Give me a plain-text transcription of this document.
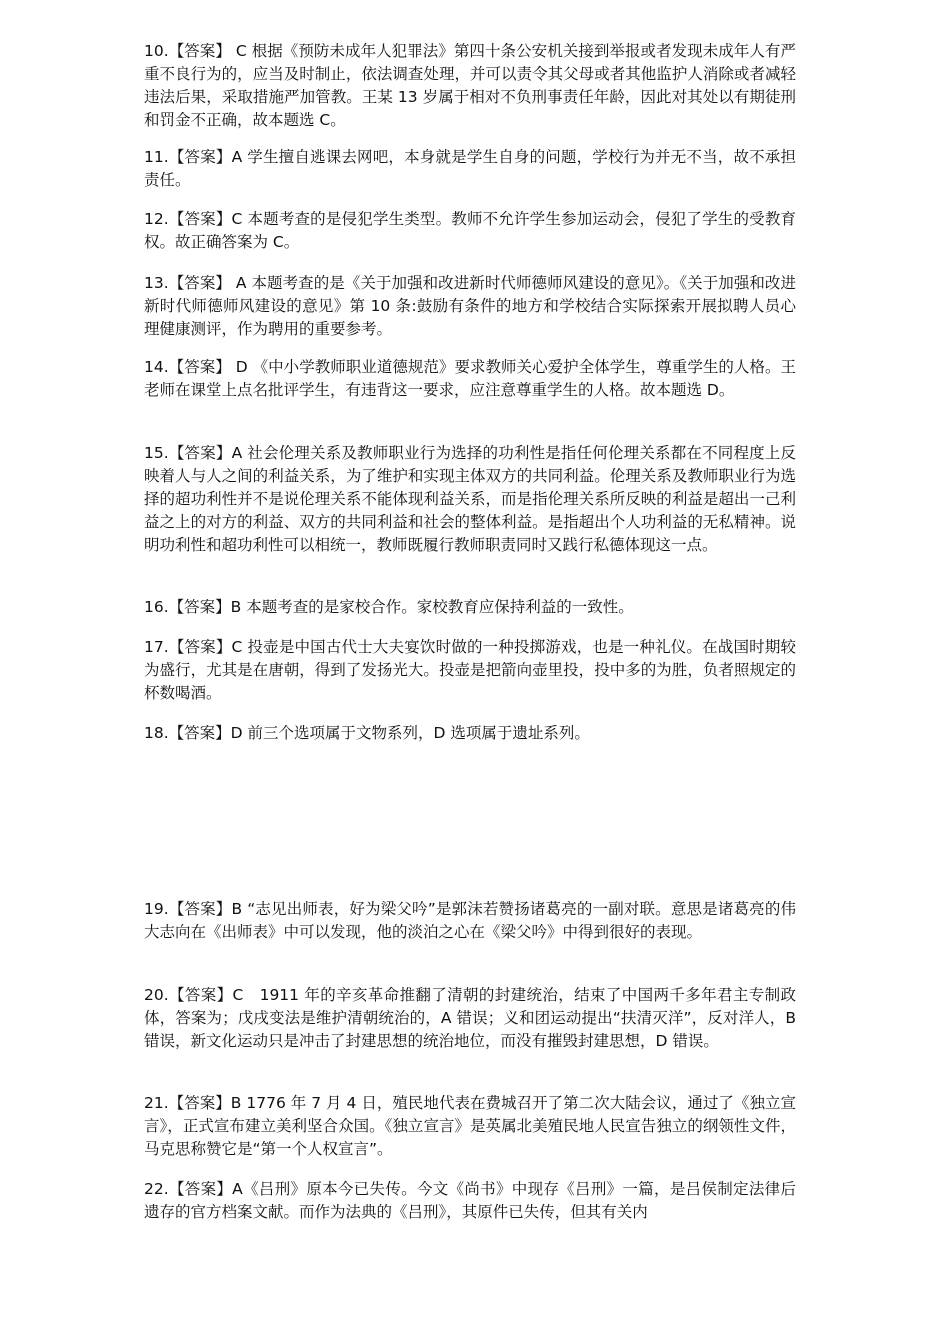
10.【答案】 C 根据《预防未成年人犯罪法》第四十条公安机关接到举报或者发现未成年人有严重不良行为的，应当及时制止，依法调查处理，并可以责令其父母或者其他监护人消除或者减轻违法后果，采取措施严加管教。王某 13 岁属于相对不负刑事责任年龄，因此对其处以有期徒刑和罚金不正确，故本题选 C。

11.【答案】A 学生擅自逃课去网吧，本身就是学生自身的问题，学校行为并无不当，故不承担责任。

12.【答案】C 本题考查的是侵犯学生类型。教师不允许学生参加运动会，侵犯了学生的受教育权。故正确答案为 C。

13.【答案】 A 本题考查的是《关于加强和改进新时代师德师风建设的意见》。《关于加强和改进新时代师德师风建设的意见》第 10 条:鼓励有条件的地方和学校结合实际探索开展拟聘人员心理健康测评，作为聘用的重要参考。

14.【答案】 D 《中小学教师职业道德规范》要求教师关心爱护全体学生，尊重学生的人格。王老师在课堂上点名批评学生，有违背这一要求，应注意尊重学生的人格。故本题选 D。

15.【答案】A 社会伦理关系及教师职业行为选择的功利性是指任何伦理关系都在不同程度上反映着人与人之间的利益关系，为了维护和实现主体双方的共同利益。伦理关系及教师职业行为选择的超功利性并不是说伦理关系不能体现利益关系，而是指伦理关系所反映的利益是超出一己利益之上的对方的利益、双方的共同利益和社会的整体利益。是指超出个人功利益的无私精神。说明功利性和超功利性可以相统一，教师既履行教师职责同时又践行私德体现这一点。

16.【答案】B 本题考查的是家校合作。家校教育应保持利益的一致性。

17.【答案】C 投壶是中国古代士大夫宴饮时做的一种投掷游戏，也是一种礼仪。在战国时期较为盛行，尤其是在唐朝，得到了发扬光大。投壶是把箭向壶里投，投中多的为胜，负者照规定的杯数喝酒。

18.【答案】D 前三个选项属于文物系列，D 选项属于遗址系列。

19.【答案】B “志见出师表，好为梁父吟”是郭沫若赞扬诸葛亮的一副对联。意思是诸葛亮的伟大志向在《出师表》中可以发现，他的淡泊之心在《梁父吟》中得到很好的表现。

20.【答案】C　1911 年的辛亥革命推翻了清朝的封建统治，结束了中国两千多年君主专制政体，答案为；戊戌变法是维护清朝统治的，A 错误；义和团运动提出“扶清灭洋”，反对洋人，B 错误，新文化运动只是冲击了封建思想的统治地位，而没有摧毁封建思想，D 错误。

21.【答案】B 1776 年 7 月 4 日，殖民地代表在费城召开了第二次大陆会议，通过了《独立宣言》，正式宣布建立美利坚合众国。《独立宣言》是英属北美殖民地人民宣告独立的纲领性文件，马克思称赞它是“第一个人权宣言”。

22.【答案】A《吕刑》原本今已失传。今文《尚书》中现存《吕刑》一篇，是吕侯制定法律后遗存的官方档案文献。而作为法典的《吕刑》，其原件已失传，但其有关内
